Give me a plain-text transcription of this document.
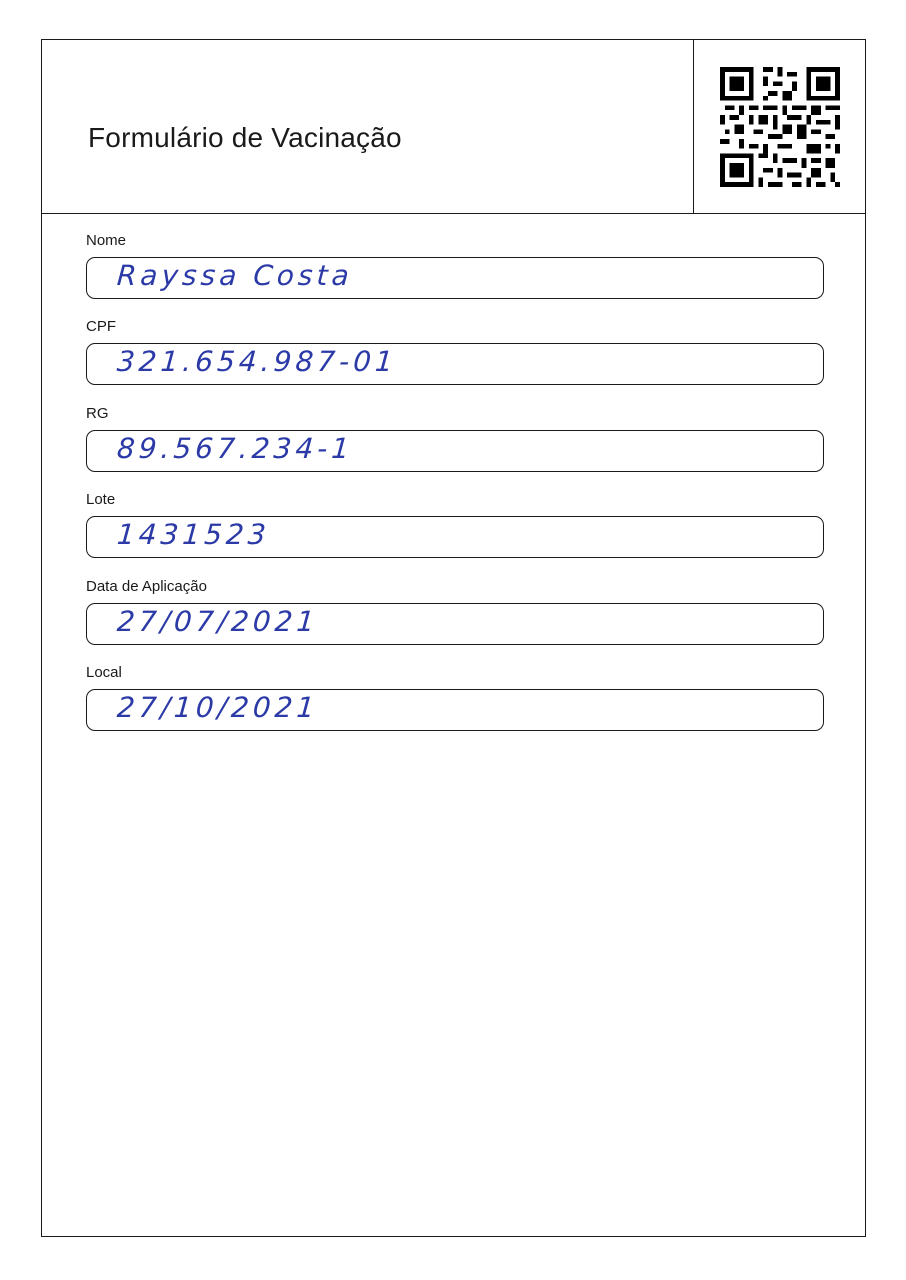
Formulário de Vacinação
Nome
Rayssa Costa
CPF
321.654.987-01
RG
89.567.234-1
Lote
1431523
Data de Aplicação
27/07/2021
Local
27/10/2021
